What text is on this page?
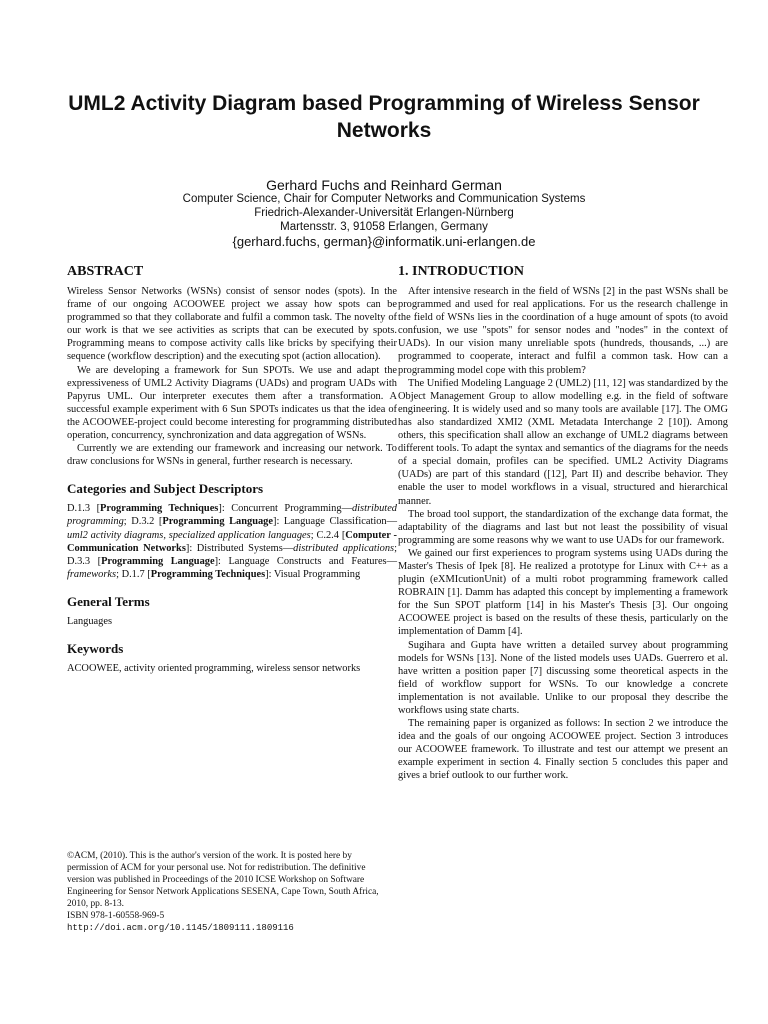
UML2 Activity Diagram based Programming of Wireless Sensor Networks
Gerhard Fuchs and Reinhard German
Computer Science, Chair for Computer Networks and Communication Systems
Friedrich-Alexander-Universität Erlangen-Nürnberg
Martensstr. 3, 91058 Erlangen, Germany
{gerhard.fuchs, german}@informatik.uni-erlangen.de
ABSTRACT

Wireless Sensor Networks (WSNs) consist of sensor nodes (spots). In the frame of our ongoing ACOOWEE project we assay how spots can be programmed so that they collaborate and fulfil a common task. The novelty of our work is that we see activities as scripts that can be executed by spots. Programming means to compose activity calls like bricks by specifying their sequence (workflow description) and the executing spot (action allocation).

We are developing a framework for Sun SPOTs. We use and adapt the expressiveness of UML2 Activity Diagrams (UADs) and program UADs with Papyrus UML. Our interpreter executes them after a transformation. A successful example experiment with 6 Sun SPOTs indicates us that the idea of the ACOOWEE-project could become interesting for programming distributed operation, concurrency, synchronization and data aggregation of WSNs.

Currently we are extending our framework and increasing our network. To draw conclusions for WSNs in general, further research is necessary.

Categories and Subject Descriptors

D.1.3 [Programming Techniques]: Concurrent Programming—distributed programming; D.3.2 [Programming Language]: Language Classification—uml2 activity diagrams, specialized application languages; C.2.4 [Computer - Communication Networks]: Distributed Systems—distributed applications; D.3.3 [Programming Language]: Language Constructs and Features—frameworks; D.1.7 [Programming Techniques]: Visual Programming

General Terms

Languages

Keywords

ACOOWEE, activity oriented programming, wireless sensor networks

©ACM, (2010). This is the author's version of the work. It is posted here by permission of ACM for your personal use. Not for redistribution. The definitive version was published in Proceedings of the 2010 ICSE Workshop on Software Engineering for Sensor Network Applications SESENA, Cape Town, South Africa, 2010, pp. 8-13.
ISBN 978-1-60558-969-5
http://doi.acm.org/10.1145/1809111.1809116
1. INTRODUCTION

After intensive research in the field of WSNs [2] in the past WSNs shall be programmed and used for real applications. For us the research challenge in the field of WSNs lies in the coordination of a huge amount of spots (to avoid confusion, we use "spots" for sensor nodes and "nodes" in the context of UADs). In our vision many unreliable spots (hundreds, thousands, ...) are programmed to cooperate, interact and fulfil a common task. How can a programming model cope with this problem?

The Unified Modeling Language 2 (UML2) [11, 12] was standardized by the Object Management Group to allow modelling e.g. in the field of software engineering. It is widely used and so many tools are available [17]. The OMG has also standardized XMI2 (XML Metadata Interchange 2 [10]). Among others, this specification shall allow an exchange of UML2 diagrams between different tools. To adapt the syntax and semantics of the diagrams for the needs of a special domain, profiles can be specified. UML2 Activity Diagrams (UADs) are part of this standard ([12], Part II) and describe behavior. They enable the user to model workflows in a visual, structured and hierarchical manner.

The broad tool support, the standardization of the exchange data format, the adaptability of the diagrams and last but not least the possibility of visual programming are some reasons why we want to use UADs for our framework.

We gained our first experiences to program systems using UADs during the Master's Thesis of Ipek [8]. He realized a prototype for Linux with C++ as a plugin (eXMIcutionUnit) of a multi robot programming framework called ROBRAIN [1]. Damm has adapted this concept by implementing a framework for the Sun SPOT platform [14] in his Master's Thesis [3]. Our ongoing ACOOWEE project is based on the results of these thesis, particularly on the implementation of Damm [4].

Sugihara and Gupta have written a detailed survey about programming models for WSNs [13]. None of the listed models uses UADs. Guerrero et al. have written a position paper [7] discussing some theoretical aspects in the field of workflow support for WSNs. To our knowledge a concrete implementation is not available. Unlike to our proposal they describe the workflows using state charts.

The remaining paper is organized as follows: In section 2 we introduce the idea and the goals of our ongoing ACOOWEE project. Section 3 introduces our ACOOWEE framework. To illustrate and test our attempt we present an example experiment in section 4. Finally section 5 concludes this paper and gives a brief outlook to our further work.
